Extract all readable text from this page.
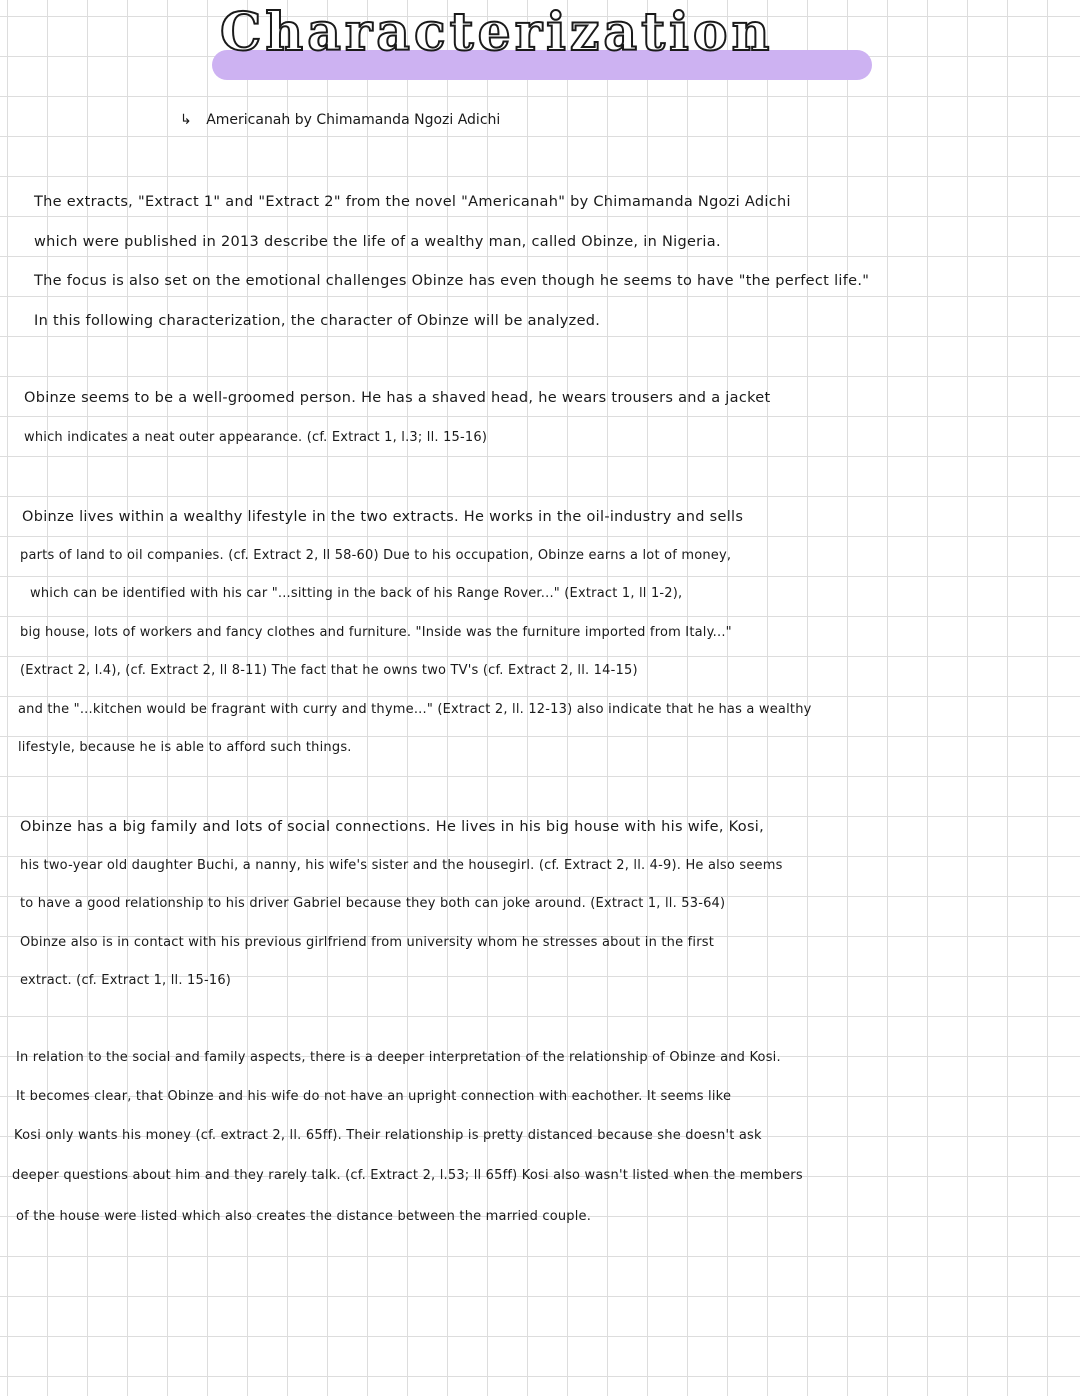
Characterization
↳ Americanah by Chimamanda Ngozi Adichi
The extracts, "Extract 1" and "Extract 2" from the novel "Americanah" by Chimamanda Ngozi Adichi
which were published in 2013 describe the life of a wealthy man, called Obinze, in Nigeria.
The focus is also set on the emotional challenges Obinze has even though he seems to have "the perfect life."
In this following characterization, the character of Obinze will be analyzed.
Obinze seems to be a well-groomed person. He has a shaved head, he wears trousers and a jacket
which indicates a neat outer appearance. (cf. Extract 1, l.3; ll. 15-16)
Obinze lives within a wealthy lifestyle in the two extracts. He works in the oil-industry and sells
parts of land to oil companies. (cf. Extract 2, ll 58-60) Due to his occupation, Obinze earns a lot of money,
which can be identified with his car "...sitting in the back of his Range Rover..." (Extract 1, ll 1-2),
big house, lots of workers and fancy clothes and furniture. "Inside was the furniture imported from Italy..."
(Extract 2, l.4), (cf. Extract 2, ll 8-11) The fact that he owns two TV's (cf. Extract 2, ll. 14-15)
and the "...kitchen would be fragrant with curry and thyme..." (Extract 2, ll. 12-13) also indicate that he has a wealthy
lifestyle, because he is able to afford such things.
Obinze has a big family and lots of social connections. He lives in his big house with his wife, Kosi,
his two-year old daughter Buchi, a nanny, his wife's sister and the housegirl. (cf. Extract 2, ll. 4-9). He also seems
to have a good relationship to his driver Gabriel because they both can joke around. (Extract 1, ll. 53-64)
Obinze also is in contact with his previous girlfriend from university whom he stresses about in the first
extract. (cf. Extract 1, ll. 15-16)
In relation to the social and family aspects, there is a deeper interpretation of the relationship of Obinze and Kosi.
It becomes clear, that Obinze and his wife do not have an upright connection with eachother. It seems like
Kosi only wants his money (cf. extract 2, ll. 65ff). Their relationship is pretty distanced because she doesn't ask
deeper questions about him and they rarely talk. (cf. Extract 2, l.53; ll 65ff) Kosi also wasn't listed when the members
of the house were listed which also creates the distance between the married couple.
